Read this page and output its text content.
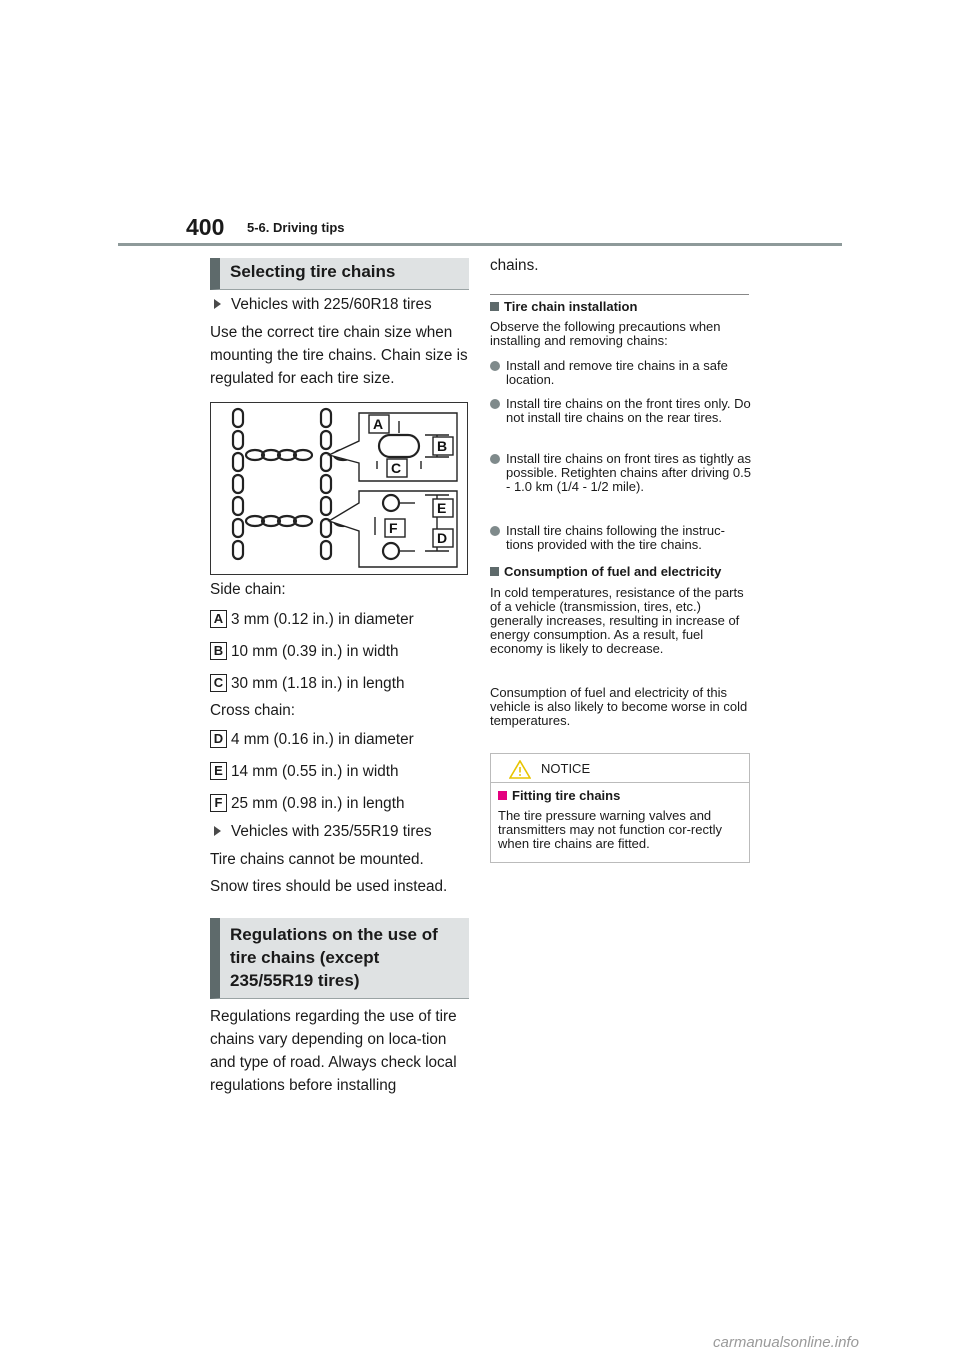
400 5-6. Driving tips
Selecting tire chains
Vehicles with 225/60R18 tires
Use the correct tire chain size when mounting the tire chains. Chain size is regulated for each tire size.
A
B
C
E
F
D
Side chain:
A 3 mm (0.12 in.) in diameter
B 10 mm (0.39 in.) in width
C 30 mm (1.18 in.) in length
Cross chain:
D 4 mm (0.16 in.) in diameter
E 14 mm (0.55 in.) in width
F 25 mm (0.98 in.) in length
Vehicles with 235/55R19 tires
Tire chains cannot be mounted.
Snow tires should be used instead.
Regulations on the use of
tire chains (except
235/55R19 tires)
Regulations regarding the use of tire chains vary depending on loca-tion and type of road. Always check local regulations before installing
chains.
Tire chain installation
Observe the following precautions when installing and removing chains:
Install and remove tire chains in a safe location.
Install tire chains on the front tires only. Do not install tire chains on the rear tires.
Install tire chains on front tires as tightly as possible. Retighten chains after driving 0.5 - 1.0 km (1/4 - 1/2 mile).
Install tire chains following the instruc-tions provided with the tire chains.
Consumption of fuel and electricity
In cold temperatures, resistance of the parts of a vehicle (transmission, tires, etc.) generally increases, resulting in increase of energy consumption. As a result, fuel economy is likely to decrease.
Consumption of fuel and electricity of this vehicle is also likely to become worse in cold temperatures.
NOTICE
Fitting tire chains
The tire pressure warning valves and transmitters may not function cor-rectly when tire chains are fitted.
carmanualsonline.info
